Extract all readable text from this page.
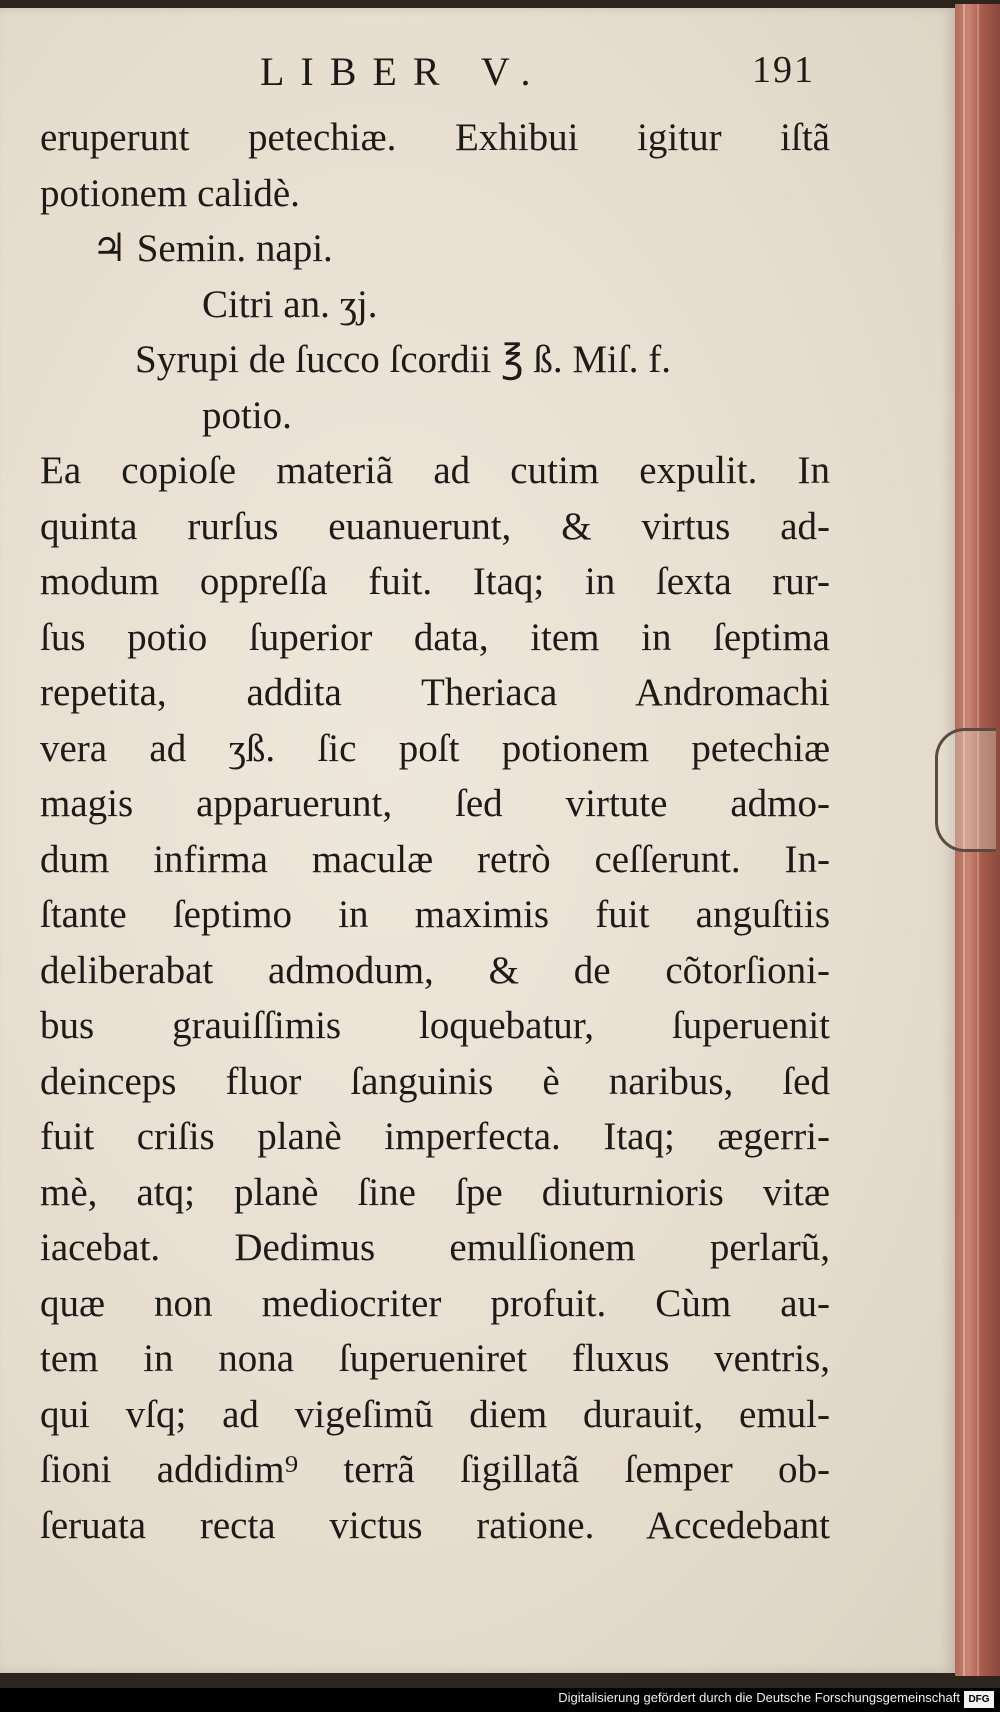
LIBER V.	191
eruperunt petechiæ. Exhibui igitur iſtã
potionem calidè.
♃ Semin. napi.
Citri an. ʒj.
Syrupi de ſucco ſcordii ℥ ß. Miſ. f.
potio.
Ea copioſe materiã ad cutim expulit. In
quinta rurſus euanuerunt, & virtus ad-
modum oppreſſa fuit. Itaq; in ſexta rur-
ſus potio ſuperior data, item in ſeptima
repetita, addita Theriaca Andromachi
vera ad ʒß. ſic poſt potionem petechiæ
magis apparuerunt, ſed virtute admo-
dum infirma maculæ retrò ceſſerunt. In-
ſtante ſeptimo in maximis fuit anguſtiis
deliberabat admodum, & de cõtorſioni-
bus grauiſſimis loquebatur, ſuperuenit
deinceps fluor ſanguinis è naribus, ſed
fuit criſis planè imperfecta. Itaq; ægerri-
mè, atq; planè ſine ſpe diuturnioris vitæ
iacebat. Dedimus emulſionem perlarũ,
quæ non mediocriter profuit. Cùm au-
tem in nona ſuperueniret fluxus ventris,
qui vſq; ad vigeſimũ diem durauit, emul-
ſioni addidim⁹ terrã ſigillatã ſemper ob-
ſeruata recta victus ratione. Accedebant
Digitalisierung gefördert durch die Deutsche Forschungsgemeinschaft DFG
